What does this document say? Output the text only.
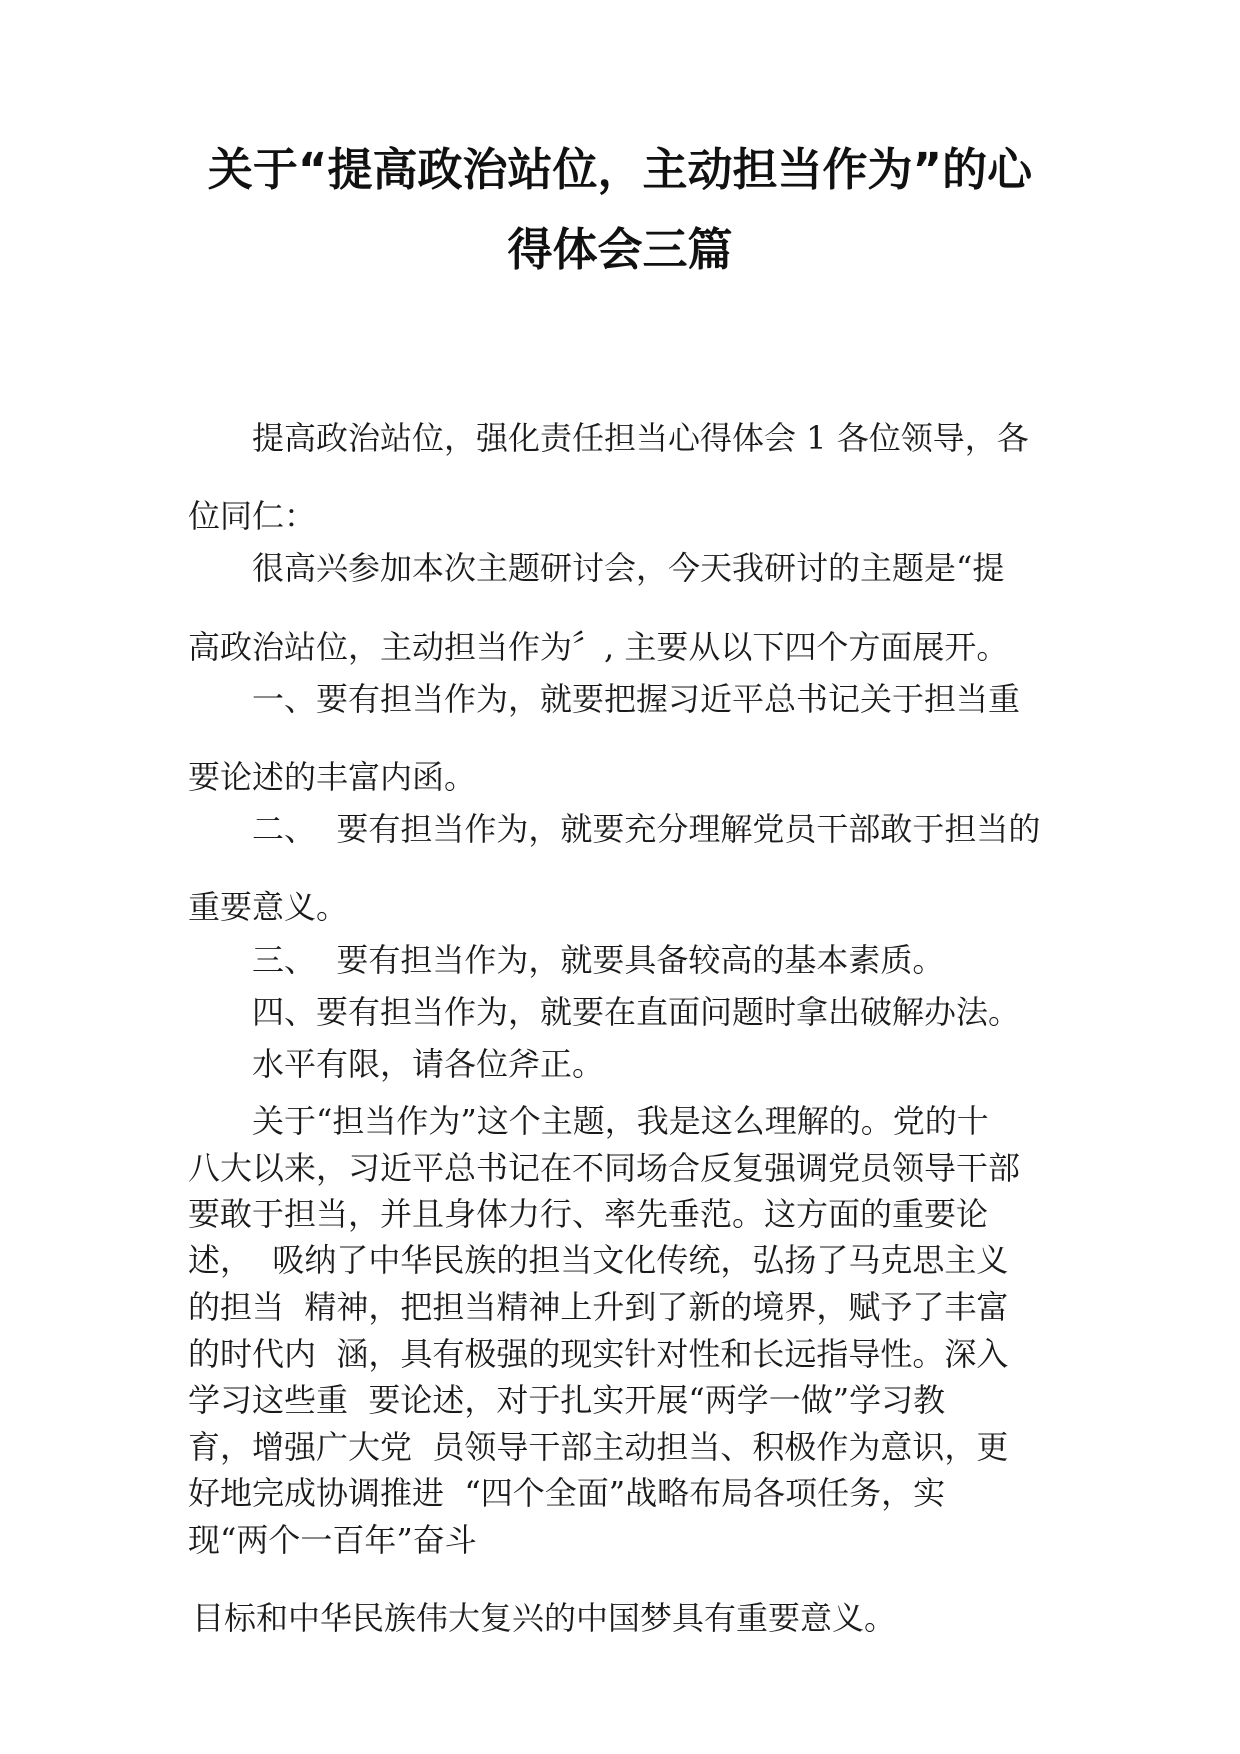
关于“提高政治站位，主动担当作为”的心
得体会三篇

提高政治站位，强化责任担当心得体会 1 各位领导，各

位同仁：

很高兴参加本次主题研讨会，今天我研讨的主题是“提

高政治站位，主动担当作为〞, 主要从以下四个方面展开。

一、要有担当作为，就要把握习近平总书记关于担当重

要论述的丰富内函。

二、  要有担当作为，就要充分理解党员干部敢于担当的

重要意义。

三、  要有担当作为，就要具备较高的基本素质。

四、要有担当作为，就要在直面问题时拿出破解办法。

水平有限，请各位斧正。

关于“担当作为”这个主题，我是这么理解的。党的十

八大以来，习近平总书记在不同场合反复强调党员领导干部

要敢于担当，并且身体力行、率先垂范。这方面的重要论

述，  吸纳了中华民族的担当文化传统，弘扬了马克思主义

的担当  精神，把担当精神上升到了新的境界，赋予了丰富

的时代内  涵，具有极强的现实针对性和长远指导性。深入

学习这些重  要论述，对于扎实开展“两学一做”学习教

育，增强广大党  员领导干部主动担当、积极作为意识，更

好地完成协调推进  “四个全面”战略布局各项任务，实

现“两个一百年”奋斗

目标和中华民族伟大复兴的中国梦具有重要意义。
